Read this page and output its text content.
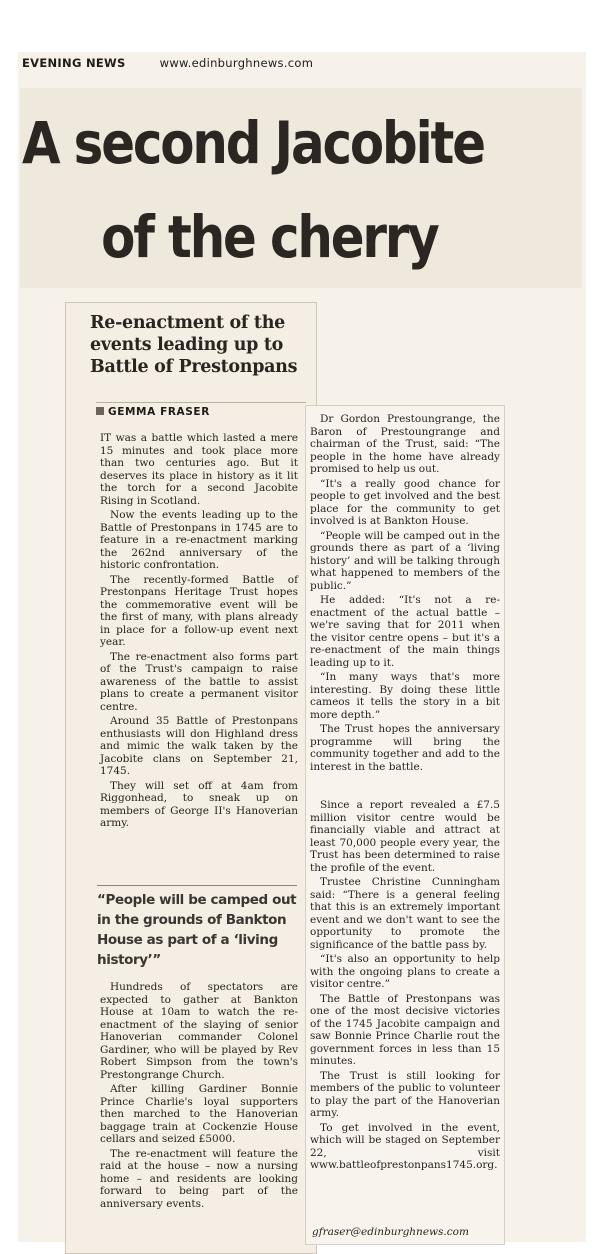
EVENING NEWS	www.edinburghnews.com
A second Jacobite
of the cherry
Re-enactment of the events leading up to Battle of Prestonpans
GEMMA FRASER

IT was a battle which lasted a mere 15 minutes and took place more than two centuries ago. But it deserves its place in history as it lit the torch for a second Jacobite Rising in Scotland.

Now the events leading up to the Battle of Prestonpans in 1745 are to feature in a re-enactment marking the 262nd anniversary of the historic confrontation.

The recently-formed Battle of Prestonpans Heritage Trust hopes the commemorative event will be the first of many, with plans already in place for a follow-up event next year.

The re-enactment also forms part of the Trust's campaign to raise awareness of the battle to assist plans to create a permanent visitor centre.

Around 35 Battle of Prestonpans enthusiasts will don Highland dress and mimic the walk taken by the Jacobite clans on September 21, 1745.

They will set off at 4am from Riggonhead, to sneak up on members of George II's Hanoverian army.

“People will be camped out in the grounds of Bankton House as part of a ‘living history’”

Hundreds of spectators are expected to gather at Bankton House at 10am to watch the re-enactment of the slaying of senior Hanoverian commander Colonel Gardiner, who will be played by Rev Robert Simpson from the town's Prestongrange Church.

After killing Gardiner Bonnie Prince Charlie's loyal supporters then marched to the Hanoverian baggage train at Cockenzie House cellars and seized £5000.

The re-enactment will feature the raid at the house – now a nursing home – and residents are looking forward to being part of the anniversary events.

Dr Gordon Prestoungrange, the Baron of Prestoungrange and chairman of the Trust, said: “The people in the home have already promised to help us out.

“It's a really good chance for people to get involved and the best place for the community to get involved is at Bankton House.

“People will be camped out in the grounds there as part of a ‘living history’ and will be talking through what happened to members of the public.”

He added: “It's not a re-enactment of the actual battle – we're saving that for 2011 when the visitor centre opens – but it's a re-enactment of the main things leading up to it.

“In many ways that's more interesting. By doing these little cameos it tells the story in a bit more depth.”

The Trust hopes the anniversary programme will bring the community together and add to the interest in the battle.

Since a report revealed a £7.5 million visitor centre would be financially viable and attract at least 70,000 people every year, the Trust has been determined to raise the profile of the event.

Trustee Christine Cunningham said: “There is a general feeling that this is an extremely important event and we don't want to see the opportunity to promote the significance of the battle pass by.

“It's also an opportunity to help with the ongoing plans to create a visitor centre.”

The Battle of Prestonpans was one of the most decisive victories of the 1745 Jacobite campaign and saw Bonnie Prince Charlie rout the government forces in less than 15 minutes.

The Trust is still looking for members of the public to volunteer to play the part of the Hanoverian army.

To get involved in the event, which will be staged on September 22, visit www.battleofprestonpans1745.org.

gfraser@edinburghnews.com
